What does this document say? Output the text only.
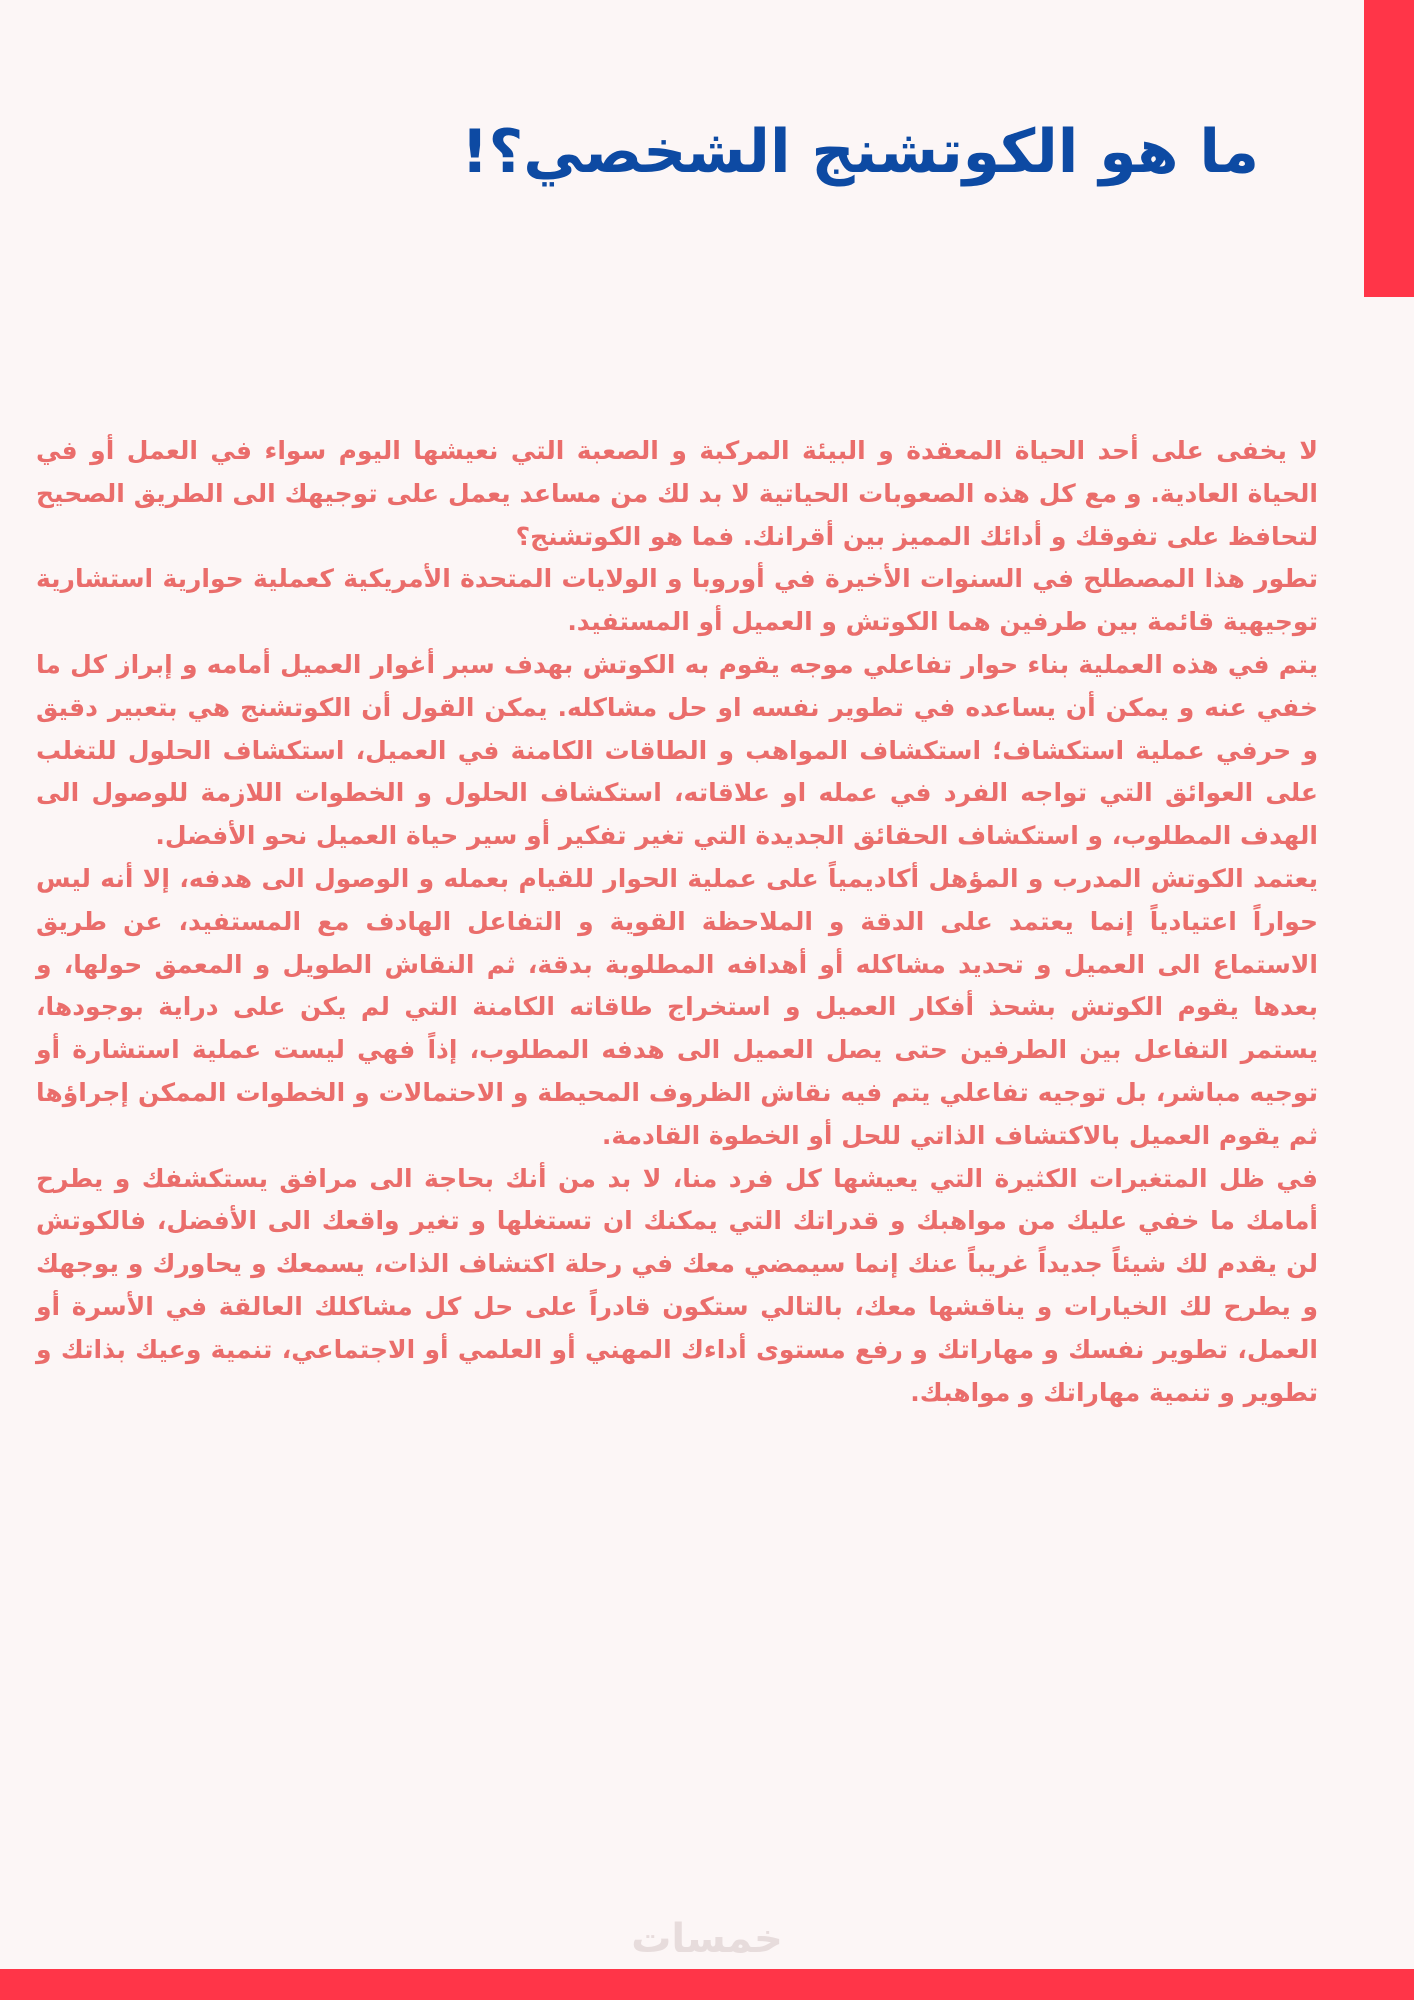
ما هو الكوتشنج الشخصي؟!

لا يخفى على أحد الحياة المعقدة و البيئة المركبة و الصعبة التي نعيشها اليوم سواء في العمل أو في الحياة العادية. و مع كل هذه الصعوبات الحياتية لا بد لك من مساعد يعمل على توجيهك الى الطريق الصحيح لتحافظ على تفوقك و أدائك المميز بين أقرانك. فما هو الكوتشنج؟

تطور هذا المصطلح في السنوات الأخيرة في أوروبا و الولايات المتحدة الأمريكية كعملية حوارية استشارية توجيهية قائمة بين طرفين هما الكوتش و العميل أو المستفيد.

يتم في هذه العملية بناء حوار تفاعلي موجه يقوم به الكوتش بهدف سبر أغوار العميل أمامه و إبراز كل ما خفي عنه و يمكن أن يساعده في تطوير نفسه او حل مشاكله. يمكن القول أن الكوتشنج هي بتعبير دقيق و حرفي عملية استكشاف؛ استكشاف المواهب و الطاقات الكامنة في العميل، استكشاف الحلول للتغلب على العوائق التي تواجه الفرد في عمله او علاقاته، استكشاف الحلول و الخطوات اللازمة للوصول الى الهدف المطلوب، و استكشاف الحقائق الجديدة التي تغير تفكير أو سير حياة العميل نحو الأفضل.

يعتمد الكوتش المدرب و المؤهل أكاديمياً على عملية الحوار للقيام بعمله و الوصول الى هدفه، إلا أنه ليس حواراً اعتيادياً إنما يعتمد على الدقة و الملاحظة القوية و التفاعل الهادف مع المستفيد، عن طريق الاستماع الى العميل و تحديد مشاكله أو أهدافه المطلوبة بدقة، ثم النقاش الطويل و المعمق حولها، و بعدها يقوم الكوتش بشحذ أفكار العميل و استخراج طاقاته الكامنة التي لم يكن على دراية بوجودها، يستمر التفاعل بين الطرفين حتى يصل العميل الى هدفه المطلوب، إذاً فهي ليست عملية استشارة أو توجيه مباشر، بل توجيه تفاعلي يتم فيه نقاش الظروف المحيطة و الاحتمالات و الخطوات الممكن إجراؤها ثم يقوم العميل بالاكتشاف الذاتي للحل أو الخطوة القادمة.

في ظل المتغيرات الكثيرة التي يعيشها كل فرد منا، لا بد من أنك بحاجة الى مرافق يستكشفك و يطرح أمامك ما خفي عليك من مواهبك و قدراتك التي يمكنك ان تستغلها و تغير واقعك الى الأفضل، فالكوتش لن يقدم لك شيئاً جديداً غريباً عنك إنما سيمضي معك في رحلة اكتشاف الذات، يسمعك و يحاورك و يوجهك و يطرح لك الخيارات و يناقشها معك، بالتالي ستكون قادراً على حل كل مشاكلك العالقة في الأسرة أو العمل، تطوير نفسك و مهاراتك و رفع مستوى أداءك المهني أو العلمي أو الاجتماعي، تنمية وعيك بذاتك و تطوير و تنمية مهاراتك و مواهبك.

خمسات
